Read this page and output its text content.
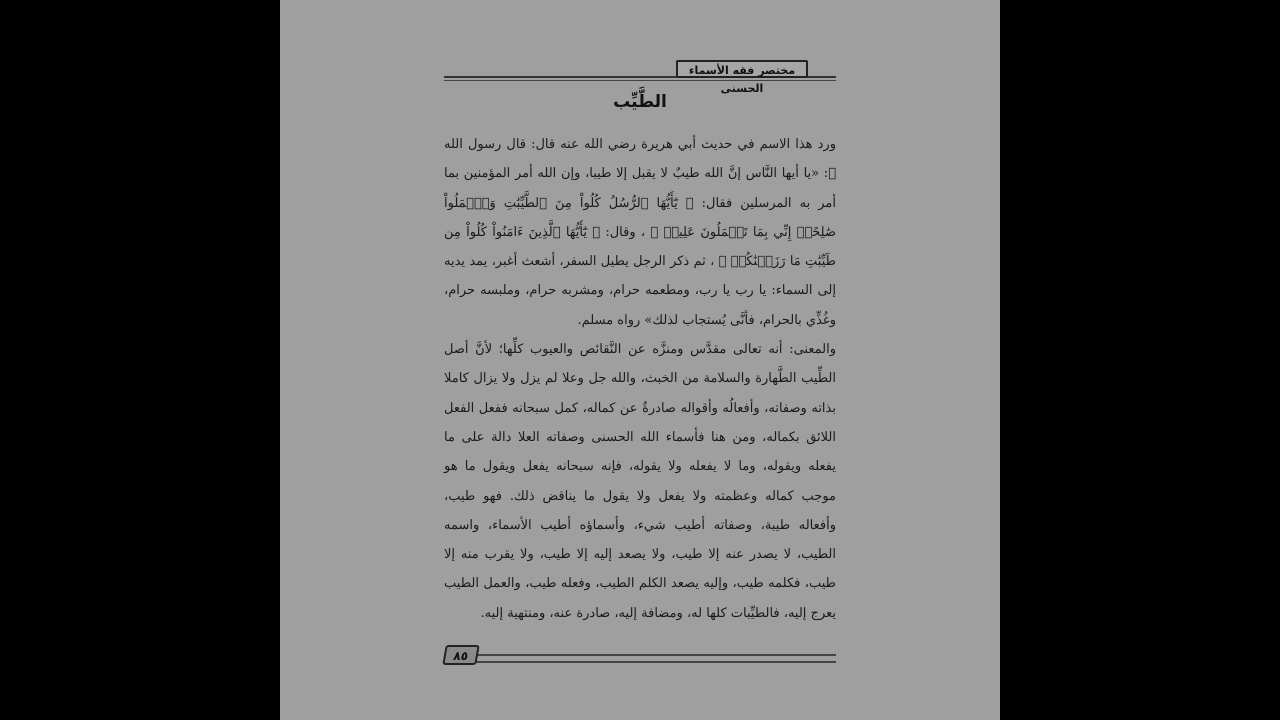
مختصر فقه الأسماء الحسنى
الطَّيِّب

ورد هذا الاسم في حديث أبي هريرة رضي الله عنه قال: قال رسول الله ﷺ: «يا أيها النَّاس إنَّ الله طيبٌ لا يقبل إلا طيبا، وإن الله أمر المؤمنين بما أمر به المرسلين فقال: ﴿ يَٰٓأَيُّهَا ٱلرُّسُلُ كُلُواْ مِنَ ٱلطَّيِّبَٰتِ وَٱعۡمَلُواْ صَٰلِحًاۖ إِنِّي بِمَا تَعۡمَلُونَ عَلِيمٞ ﴾ ، وقال: ﴿ يَٰٓأَيُّهَا ٱلَّذِينَ ءَامَنُواْ كُلُواْ مِن طَيِّبَٰتِ مَا رَزَقۡنَٰكُمۡ ﴾ ، ثم ذكر الرجل يطيل السفر، أشعث أغبر، يمد يديه إلى السماء: يا رب يا رب، ومطعمه حرام، ومشربه حرام، وملبسه حرام، وغُذِّي بالحرام، فأنَّى يُستجاب لذلك» رواه مسلم.

والمعنى: أنه تعالى مقدَّس ومنزَّه عن النَّقائص والعيوب كلِّها؛ لأنَّ أصل الطِّيب الطَّهارة والسلامة من الخبث، والله جل وعلا لم يزل ولا يزال كاملا بذاته وصفاته، وأفعالُه وأقواله صادرةٌ عن كماله، كمل سبحانه ففعل الفعل اللائق بكماله، ومن هنا فأسماء الله الحسنى وصفاته العلا دالة على ما يفعله ويقوله، وما لا يفعله ولا يقوله، فإنه سبحانه يفعل ويقول ما هو موجب كماله وعظمته ولا يفعل ولا يقول ما يناقض ذلك. فهو طيب، وأفعاله طيبة، وصفاته أطيب شيء، وأسماؤه أطيب الأسماء، واسمه الطيب، لا يصدر عنه إلا طيب، ولا يصعد إليه إلا طيب، ولا يقرب منه إلا طيب، فكلمه طيب، وإليه يصعد الكلم الطيب، وفعله طيب، والعمل الطيب يعرج إليه، فالطيِّبات كلها له، ومضافة إليه، صادرة عنه، ومنتهية إليه.

٨٥
